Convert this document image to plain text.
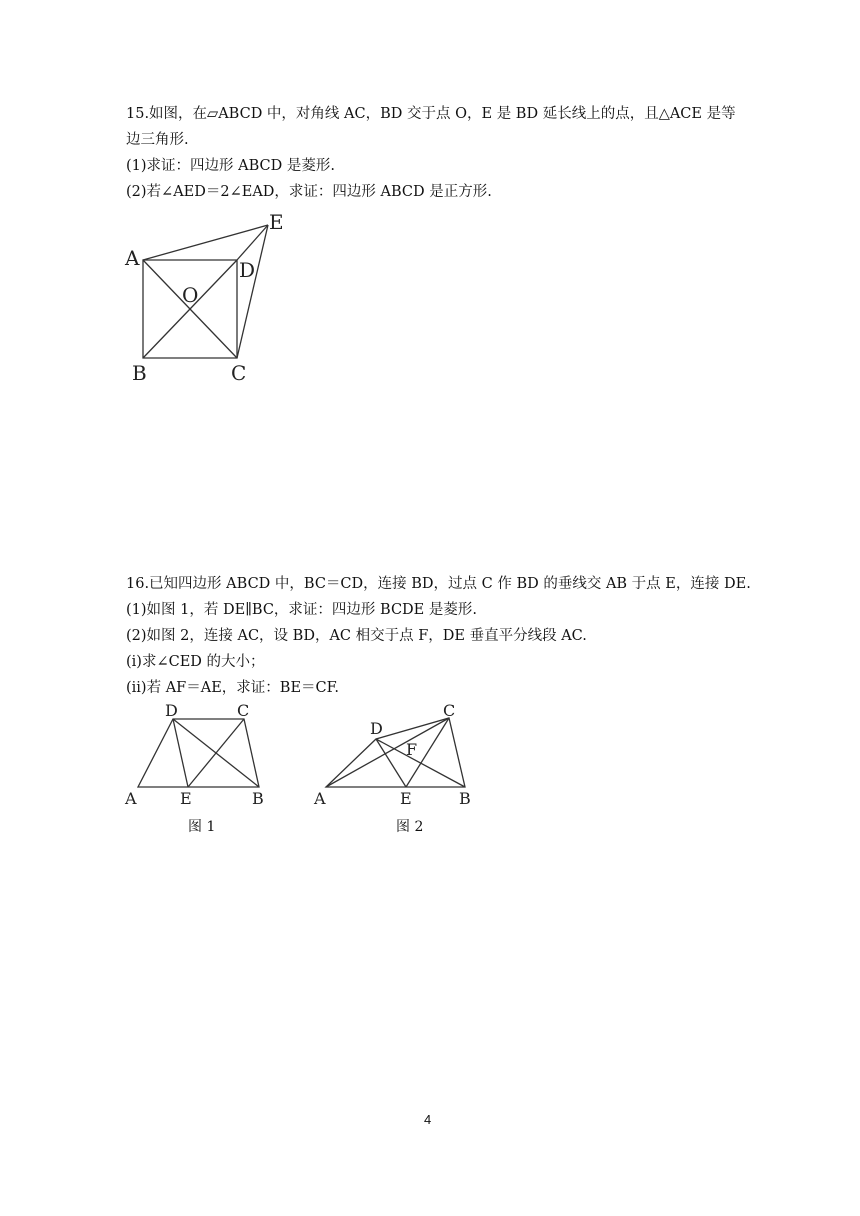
15.如图，在▱ABCD 中，对角线 AC，BD 交于点 O，E 是 BD 延长线上的点，且△ACE 是等
边三角形.
(1)求证：四边形 ABCD 是菱形.
(2)若∠AED＝2∠EAD，求证：四边形 ABCD 是正方形.
A	D
E
O
B	C
16.已知四边形 ABCD 中，BC＝CD，连接 BD，过点 C 作 BD 的垂线交 AB 于点 E，连接 DE.
(1)如图 1，若 DE∥BC，求证：四边形 BCDE 是菱形.
(2)如图 2，连接 AC，设 BD，AC 相交于点 F，DE 垂直平分线段 AC.
(ⅰ)求∠CED 的大小；
(ⅱ)若 AF＝AE，求证：BE＝CF.
D	C
A	E	B
图 1
D
C
F
A	E	B
图 2
4
